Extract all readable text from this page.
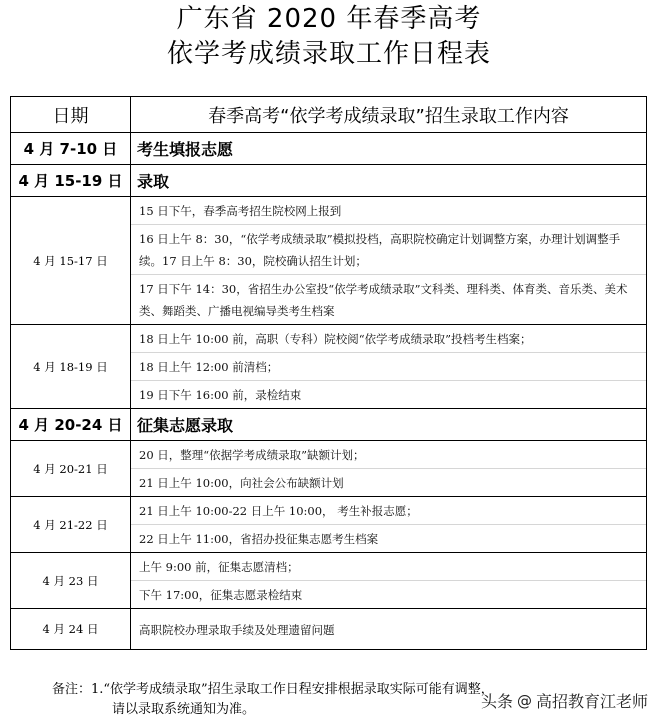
广东省 2020 年春季高考
依学考成绩录取工作日程表
日期	春季高考“依学考成绩录取”招生录取工作内容
4 月 7-10 日	考生填报志愿
4 月 15-19 日	录取
4 月 15-17 日	15 日下午，春季高考招生院校网上报到
16 日上午 8：30，“依学考成绩录取”模拟投档，高职院校确定计划调整方案，办理计划调整手续。17 日上午 8：30，院校确认招生计划；
17 日下午 14：30，省招生办公室投“依学考成绩录取”文科类、理科类、体育类、音乐类、美术类、舞蹈类、广播电视编导类考生档案

4 月 18-19 日	18 日上午 10:00 前，高职（专科）院校阅“依学考成绩录取”投档考生档案；
18 日上午 12:00 前清档；
19 日下午 16:00 前，录检结束

4 月 20-24 日	征集志愿录取
4 月 20-21 日	20 日，整理“依据学考成绩录取”缺额计划；
21 日上午 10:00，向社会公布缺额计划

4 月 21-22 日	21 日上午 10:00-22 日上午 10:00， 考生补报志愿；
22 日上午 11:00，省招办投征集志愿考生档案

4 月 23 日	上午 9:00 前，征集志愿清档；
下午 17:00，征集志愿录检结束

4 月 24 日	高职院校办理录取手续及处理遗留问题
备注：1.“依学考成绩录取”招生录取工作日程安排根据录取实际可能有调整，
请以录取系统通知为准。	头条 @ 高招教育江老师
